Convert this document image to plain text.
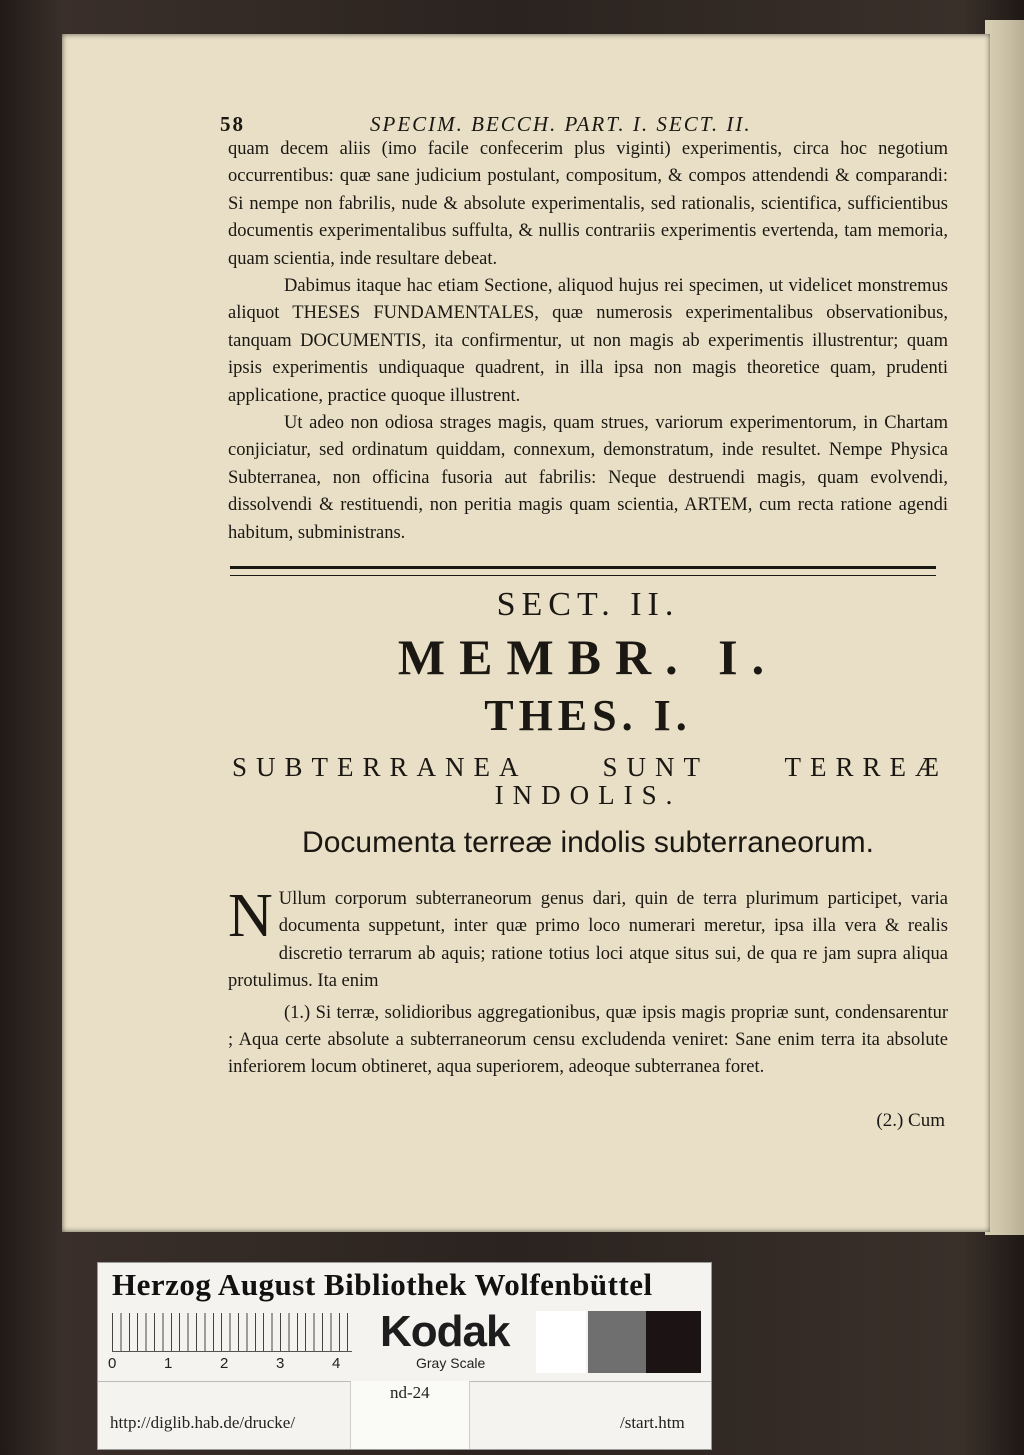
58	SPECIM. BECCH. PART. I. SECT. II.

quam decem aliis (imo facile confecerim plus viginti) experimentis, circa hoc negotium occurrentibus: quæ sane judicium postulant, compositum, & compos attendendi & comparandi: Si nempe non fabrilis, nude & absolute experimentalis, sed rationalis, scientifica, sufficientibus documentis experimentalibus suffulta, & nullis contrariis experimentis evertenda, tam memoria, quam scientia, inde resultare debeat.

Dabimus itaque hac etiam Sectione, aliquod hujus rei specimen, ut videlicet monstremus aliquot THESES FUNDAMENTALES, quæ numerosis experimentalibus observationibus, tanquam DOCUMENTIS, ita confirmentur, ut non magis ab experimentis illustrentur; quam ipsis experimentis undiquaque quadrent, in illa ipsa non magis theoretice quam, prudenti applicatione, practice quoque illustrent.

Ut adeo non odiosa strages magis, quam strues, variorum experimentorum, in Chartam conjiciatur, sed ordinatum quiddam, connexum, demonstratum, inde resultet. Nempe Physica Subterranea, non officina fusoria aut fabrilis: Neque destruendi magis, quam evolvendi, dissolvendi & restituendi, non peritia magis quam scientia, ARTEM, cum recta ratione agendi habitum, subministrans.

SECT. II.
MEMBR. I.
THES. I.
SUBTERRANEA SUNT TERREÆ
INDOLIS.
Documenta terreæ indolis subterraneorum.

N Ullum corporum subterraneorum genus dari, quin de terra plurimum participet, varia documenta suppetunt, inter quæ primo loco numerari meretur, ipsa illa vera & realis discretio terrarum ab aquis; ratione totius loci atque situs sui, de qua re jam supra aliqua protulimus. Ita enim

(1.) Si terræ, solidioribus aggregationibus, quæ ipsis magis propriæ sunt, condensarentur ; Aqua certe absolute a subterraneorum censu excludenda veniret: Sane enim terra ita absolute inferiorem locum obtineret, aqua superiorem, adeoque subterranea foret.

(2.) Cum
Herzog August Bibliothek Wolfenbüttel
0	1	2	3	4
Kodak
Gray Scale
http://diglib.hab.de/drucke/
nd-24
/start.htm
